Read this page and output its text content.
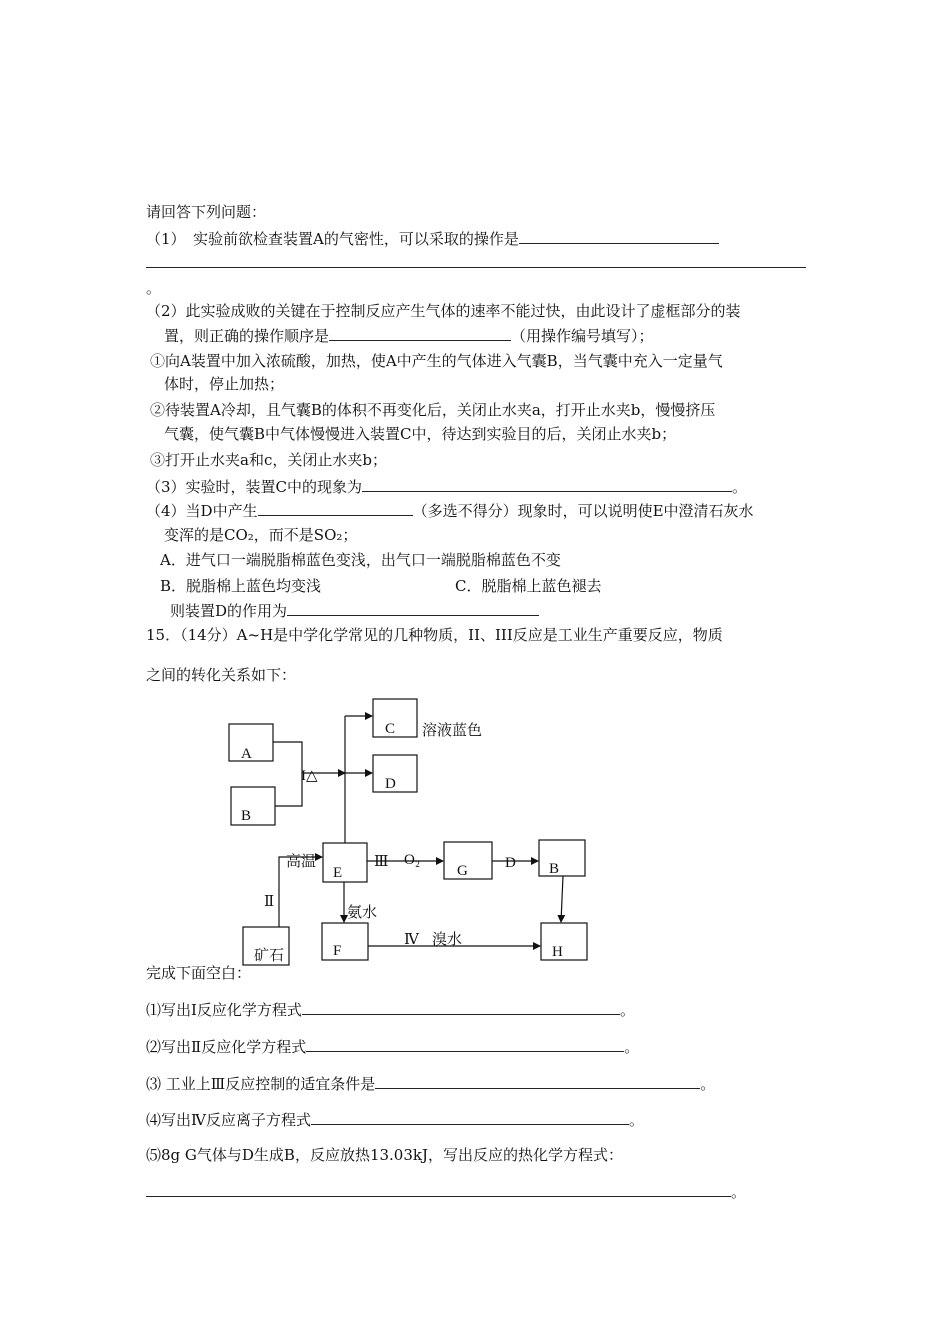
请回答下列问题：
（1）　实验前欲检查装置A的气密性，可以采取的操作是
。
（2）此实验成败的关键在于控制反应产生气体的速率不能过快，由此设计了虚框部分的装
置，则正确的操作顺序是	（用操作编号填写）；
①向A装置中加入浓硫酸，加热，使A中产生的气体进入气囊B，当气囊中充入一定量气
体时，停止加热；
②待装置A冷却，且气囊B的体积不再变化后，关闭止水夹a，打开止水夹b，慢慢挤压
气囊，使气囊B中气体慢慢进入装置C中，待达到实验目的后，关闭止水夹b；
③打开止水夹a和c，关闭止水夹b；
（3）实验时，装置C中的现象为	。
（4）当D中产生	（多选不得分）现象时，可以说明使E中澄清石灰水
变浑的是CO₂，而不是SO₂；
A．进气口一端脱脂棉蓝色变浅，出气口一端脱脂棉蓝色不变
B．脱脂棉上蓝色均变浅	C．脱脂棉上蓝色褪去
则装置D的作用为
15．（14分）A~H是中学化学常见的几种物质，II、III反应是工业生产重要反应，物质
之间的转化关系如下：
A
B
C
D
E	G	B
F	H
矿石
I△
溶液蓝色
高温	Ⅲ O₂	D
Ⅱ
氨水
Ⅳ 溴水
完成下面空白：
⑴写出Ⅰ反应化学方程式	。
⑵写出Ⅱ反应化学方程式	。
⑶ 工业上Ⅲ反应控制的适宜条件是	。
⑷写出Ⅳ反应离子方程式	。
⑸8g G气体与D生成B，反应放热13.03kJ，写出反应的热化学方程式：
。
